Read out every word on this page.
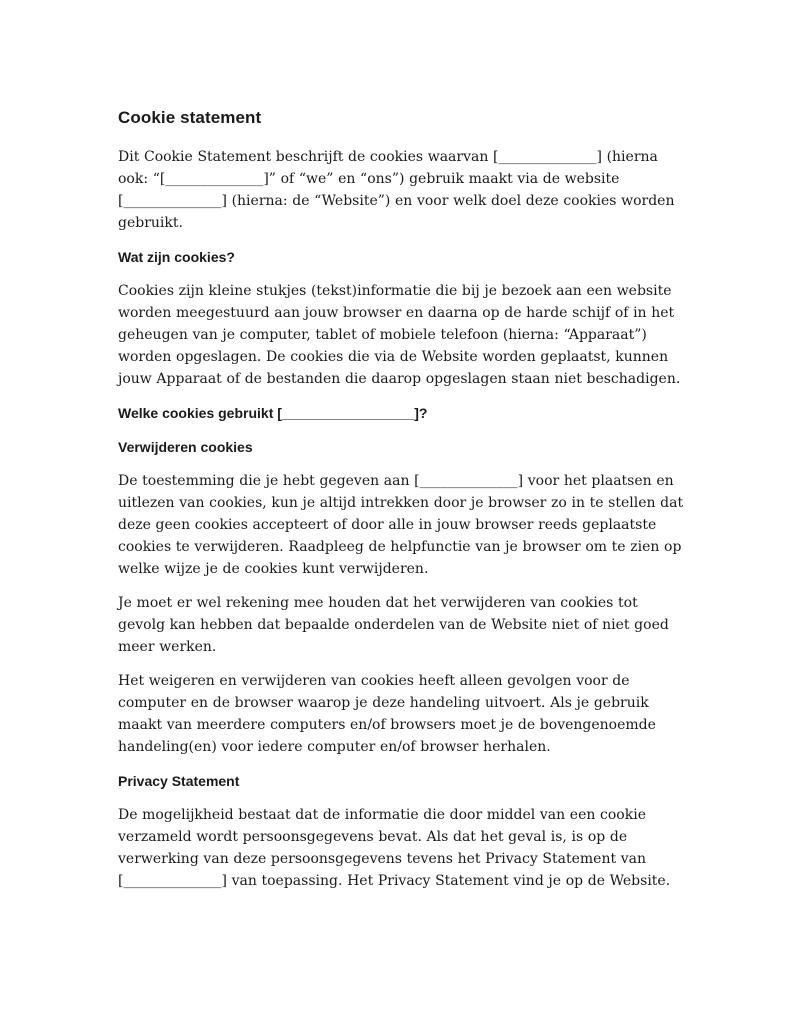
Cookie statement

Dit Cookie Statement beschrijft de cookies waarvan [______________] (hierna ook: “[______________]” of “we” en “ons”) gebruik maakt via de website [______________] (hierna: de “Website”) en voor welk doel deze cookies worden gebruikt.

Wat zijn cookies?

Cookies zijn kleine stukjes (tekst)informatie die bij je bezoek aan een website worden meegestuurd aan jouw browser en daarna op de harde schijf of in het geheugen van je computer, tablet of mobiele telefoon (hierna: “Apparaat”) worden opgeslagen. De cookies die via de Website worden geplaatst, kunnen jouw Apparaat of de bestanden die daarop opgeslagen staan niet beschadigen.

Welke cookies gebruikt [_________________]?
Verwijderen cookies

De toestemming die je hebt gegeven aan [______________] voor het plaatsen en uitlezen van cookies, kun je altijd intrekken door je browser zo in te stellen dat deze geen cookies accepteert of door alle in jouw browser reeds geplaatste cookies te verwijderen. Raadpleeg de helpfunctie van je browser om te zien op welke wijze je de cookies kunt verwijderen.

Je moet er wel rekening mee houden dat het verwijderen van cookies tot gevolg kan hebben dat bepaalde onderdelen van de Website niet of niet goed meer werken.

Het weigeren en verwijderen van cookies heeft alleen gevolgen voor de computer en de browser waarop je deze handeling uitvoert. Als je gebruik maakt van meerdere computers en/of browsers moet je de bovengenoemde handeling(en) voor iedere computer en/of browser herhalen.

Privacy Statement

De mogelijkheid bestaat dat de informatie die door middel van een cookie verzameld wordt persoonsgegevens bevat. Als dat het geval is, is op de verwerking van deze persoonsgegevens tevens het Privacy Statement van [______________] van toepassing. Het Privacy Statement vind je op de Website.
